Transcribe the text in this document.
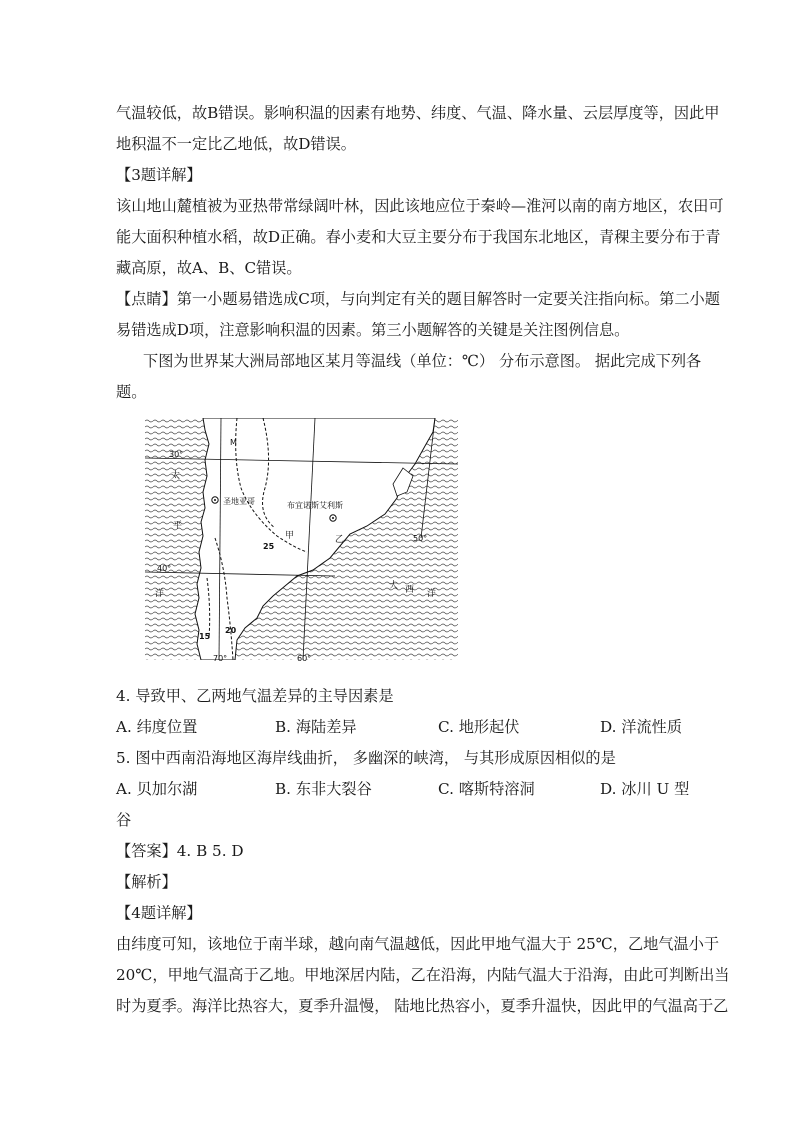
气温较低，故B错误。影响积温的因素有地势、纬度、气温、降水量、云层厚度等，因此甲

地积温不一定比乙地低，故D错误。

【3题详解】

该山地山麓植被为亚热带常绿阔叶林，因此该地应位于秦岭—淮河以南的南方地区，农田可

能大面积种植水稻，故D正确。春小麦和大豆主要分布于我国东北地区，青稞主要分布于青

藏高原，故A、B、C错误。

【点睛】第一小题易错选成C项，与向判定有关的题目解答时一定要关注指向标。第二小题

易错选成D项，注意影响积温的因素。第三小题解答的关键是关注图例信息。

下图为世界某大洲局部地区某月等温线（单位：℃） 分布示意图。 据此完成下列各

题。

30°
40°
70°	60°
50°
M
圣地亚哥	布宜诺斯艾利斯
甲	乙
25
20
15
大 西 洋
太
平
洋

4. 导致甲、乙两地气温差异的主导因素是

A. 纬度位置	B. 海陆差异	C. 地形起伏	D. 洋流性质

5. 图中西南沿海地区海岸线曲折， 多幽深的峡湾， 与其形成原因相似的是

A. 贝加尔湖	B. 东非大裂谷	C. 喀斯特溶洞	D. 冰川 U 型

谷

【答案】4. B 5. D

【解析】

【4题详解】

由纬度可知，该地位于南半球，越向南气温越低，因此甲地气温大于 25℃，乙地气温小于

20℃，甲地气温高于乙地。甲地深居内陆，乙在沿海，内陆气温大于沿海，由此可判断出当

时为夏季。海洋比热容大，夏季升温慢， 陆地比热容小，夏季升温快，因此甲的气温高于乙
